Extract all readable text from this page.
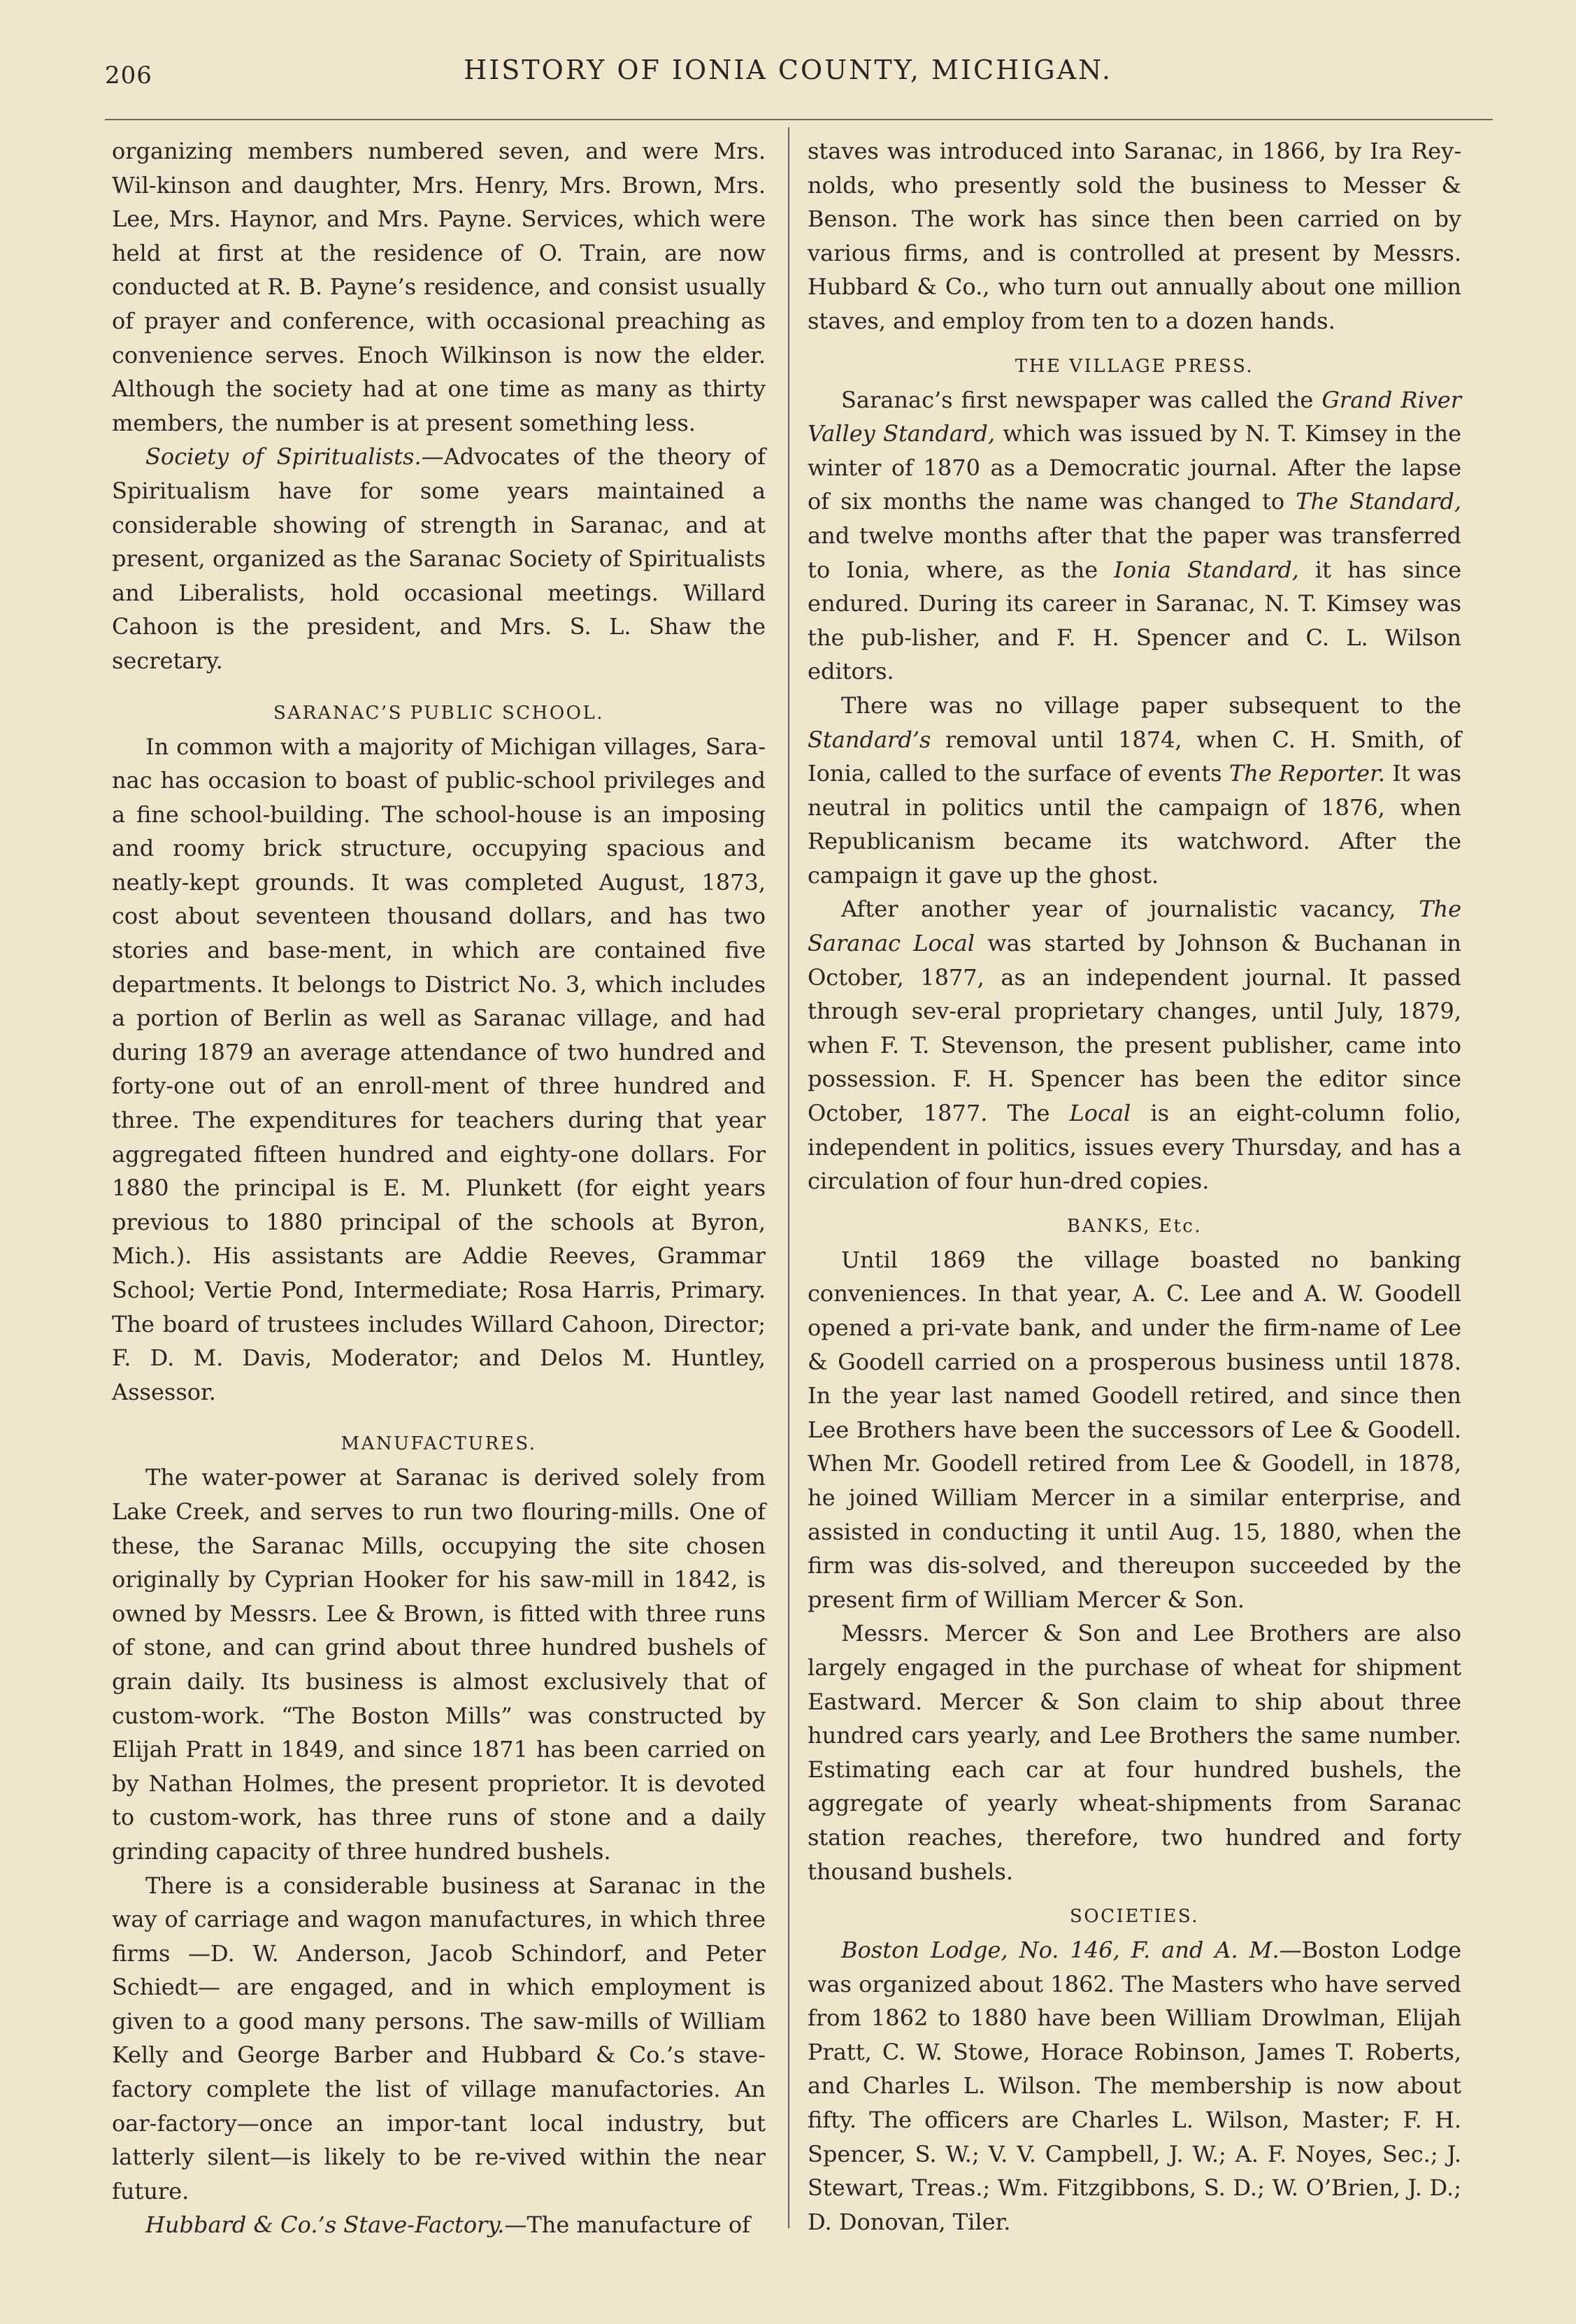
206	HISTORY OF IONIA COUNTY, MICHIGAN.

organizing members numbered seven, and were Mrs. Wil-kinson and daughter, Mrs. Henry, Mrs. Brown, Mrs. Lee, Mrs. Haynor, and Mrs. Payne. Services, which were held at first at the residence of O. Train, are now conducted at R. B. Payne’s residence, and consist usually of prayer and conference, with occasional preaching as convenience serves. Enoch Wilkinson is now the elder. Although the society had at one time as many as thirty members, the number is at present something less.

Society of Spiritualists.—Advocates of the theory of Spiritualism have for some years maintained a considerable showing of strength in Saranac, and at present, organized as the Saranac Society of Spiritualists and Liberalists, hold occasional meetings. Willard Cahoon is the president, and Mrs. S. L. Shaw the secretary.

SARANAC’S PUBLIC SCHOOL.

In common with a majority of Michigan villages, Sara-nac has occasion to boast of public-school privileges and a fine school-building. The school-house is an imposing and roomy brick structure, occupying spacious and neatly-kept grounds. It was completed August, 1873, cost about seventeen thousand dollars, and has two stories and base-ment, in which are contained five departments. It belongs to District No. 3, which includes a portion of Berlin as well as Saranac village, and had during 1879 an average attendance of two hundred and forty-one out of an enroll-ment of three hundred and three. The expenditures for teachers during that year aggregated fifteen hundred and eighty-one dollars. For 1880 the principal is E. M. Plunkett (for eight years previous to 1880 principal of the schools at Byron, Mich.). His assistants are Addie Reeves, Grammar School; Vertie Pond, Intermediate; Rosa Harris, Primary. The board of trustees includes Willard Cahoon, Director; F. D. M. Davis, Moderator; and Delos M. Huntley, Assessor.

MANUFACTURES.

The water-power at Saranac is derived solely from Lake Creek, and serves to run two flouring-mills. One of these, the Saranac Mills, occupying the site chosen originally by Cyprian Hooker for his saw-mill in 1842, is owned by Messrs. Lee & Brown, is fitted with three runs of stone, and can grind about three hundred bushels of grain daily. Its business is almost exclusively that of custom-work. “The Boston Mills” was constructed by Elijah Pratt in 1849, and since 1871 has been carried on by Nathan Holmes, the present proprietor. It is devoted to custom-work, has three runs of stone and a daily grinding capacity of three hundred bushels.

There is a considerable business at Saranac in the way of carriage and wagon manufactures, in which three firms —D. W. Anderson, Jacob Schindorf, and Peter Schiedt— are engaged, and in which employment is given to a good many persons. The saw-mills of William Kelly and George Barber and Hubbard & Co.’s stave-factory complete the list of village manufactories. An oar-factory—once an impor-tant local industry, but latterly silent—is likely to be re-vived within the near future.

Hubbard & Co.’s Stave-Factory.—The manufacture of

staves was introduced into Saranac, in 1866, by Ira Rey-nolds, who presently sold the business to Messer & Benson. The work has since then been carried on by various firms, and is controlled at present by Messrs. Hubbard & Co., who turn out annually about one million staves, and employ from ten to a dozen hands.

THE VILLAGE PRESS.

Saranac’s first newspaper was called the Grand River Valley Standard, which was issued by N. T. Kimsey in the winter of 1870 as a Democratic journal. After the lapse of six months the name was changed to The Standard, and twelve months after that the paper was transferred to Ionia, where, as the Ionia Standard, it has since endured. During its career in Saranac, N. T. Kimsey was the pub-lisher, and F. H. Spencer and C. L. Wilson editors.

There was no village paper subsequent to the Standard’s removal until 1874, when C. H. Smith, of Ionia, called to the surface of events The Reporter. It was neutral in politics until the campaign of 1876, when Republicanism became its watchword. After the campaign it gave up the ghost.

After another year of journalistic vacancy, The Saranac Local was started by Johnson & Buchanan in October, 1877, as an independent journal. It passed through sev-eral proprietary changes, until July, 1879, when F. T. Stevenson, the present publisher, came into possession. F. H. Spencer has been the editor since October, 1877. The Local is an eight-column folio, independent in politics, issues every Thursday, and has a circulation of four hun-dred copies.

BANKS, Etc.

Until 1869 the village boasted no banking conveniences. In that year, A. C. Lee and A. W. Goodell opened a pri-vate bank, and under the firm-name of Lee & Goodell carried on a prosperous business until 1878. In the year last named Goodell retired, and since then Lee Brothers have been the successors of Lee & Goodell. When Mr. Goodell retired from Lee & Goodell, in 1878, he joined William Mercer in a similar enterprise, and assisted in conducting it until Aug. 15, 1880, when the firm was dis-solved, and thereupon succeeded by the present firm of William Mercer & Son.

Messrs. Mercer & Son and Lee Brothers are also largely engaged in the purchase of wheat for shipment Eastward. Mercer & Son claim to ship about three hundred cars yearly, and Lee Brothers the same number. Estimating each car at four hundred bushels, the aggregate of yearly wheat-shipments from Saranac station reaches, therefore, two hundred and forty thousand bushels.

SOCIETIES.

Boston Lodge, No. 146, F. and A. M.—Boston Lodge was organized about 1862. The Masters who have served from 1862 to 1880 have been William Drowlman, Elijah Pratt, C. W. Stowe, Horace Robinson, James T. Roberts, and Charles L. Wilson. The membership is now about fifty. The officers are Charles L. Wilson, Master; F. H. Spencer, S. W.; V. V. Campbell, J. W.; A. F. Noyes, Sec.; J. Stewart, Treas.; Wm. Fitzgibbons, S. D.; W. O’Brien, J. D.; D. Donovan, Tiler.
